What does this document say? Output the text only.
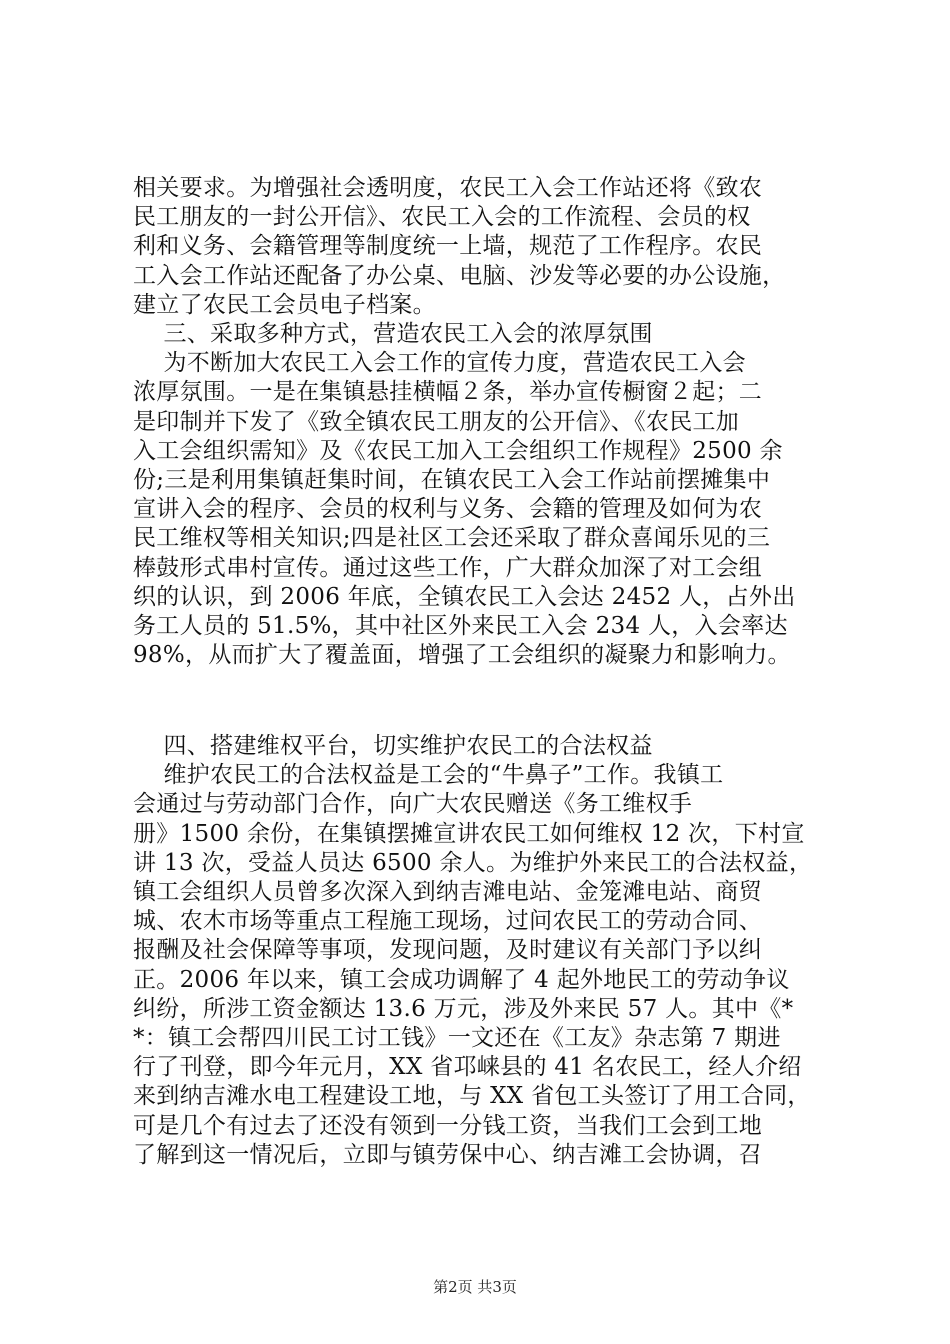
相关要求。为增强社会透明度，农民工入会工作站还将《致农
民工朋友的一封公开信》、农民工入会的工作流程、会员的权
利和义务、会籍管理等制度统一上墙，规范了工作程序。农民
工入会工作站还配备了办公桌、电脑、沙发等必要的办公设施，
建立了农民工会员电子档案。
三、采取多种方式，营造农民工入会的浓厚氛围
为不断加大农民工入会工作的宣传力度，营造农民工入会
浓厚氛围。一是在集镇悬挂横幅２条，举办宣传橱窗２起；二
是印制并下发了《致全镇农民工朋友的公开信》、《农民工加
入工会组织需知》及《农民工加入工会组织工作规程》2500 余
份;三是利用集镇赶集时间，在镇农民工入会工作站前摆摊集中
宣讲入会的程序、会员的权利与义务、会籍的管理及如何为农
民工维权等相关知识;四是社区工会还采取了群众喜闻乐见的三
棒鼓形式串村宣传。通过这些工作，广大群众加深了对工会组
织的认识，到 2006 年底，全镇农民工入会达 2452 人，占外出
务工人员的 51.5%，其中社区外来民工入会 234 人，入会率达
98%，从而扩大了覆盖面，增强了工会组织的凝聚力和影响力。
四、搭建维权平台，切实维护农民工的合法权益
维护农民工的合法权益是工会的“牛鼻子”工作。我镇工
会通过与劳动部门合作，向广大农民赠送《务工维权手
册》1500 余份，在集镇摆摊宣讲农民工如何维权 12 次，下村宣
讲 13 次，受益人员达 6500 余人。为维护外来民工的合法权益，
镇工会组织人员曾多次深入到纳吉滩电站、金笼滩电站、商贸
城、农木市场等重点工程施工现场，过问农民工的劳动合同、
报酬及社会保障等事项，发现问题，及时建议有关部门予以纠
正。2006 年以来，镇工会成功调解了 4 起外地民工的劳动争议
纠纷，所涉工资金额达 13.6 万元，涉及外来民 57 人。其中《*
*：镇工会帮四川民工讨工钱》一文还在《工友》杂志第 7 期进
行了刊登，即今年元月，XX 省邛崃县的 41 名农民工，经人介绍
来到纳吉滩水电工程建设工地，与 XX 省包工头签订了用工合同，
可是几个有过去了还没有领到一分钱工资，当我们工会到工地
了解到这一情况后，立即与镇劳保中心、纳吉滩工会协调，召
第2页 共3页
